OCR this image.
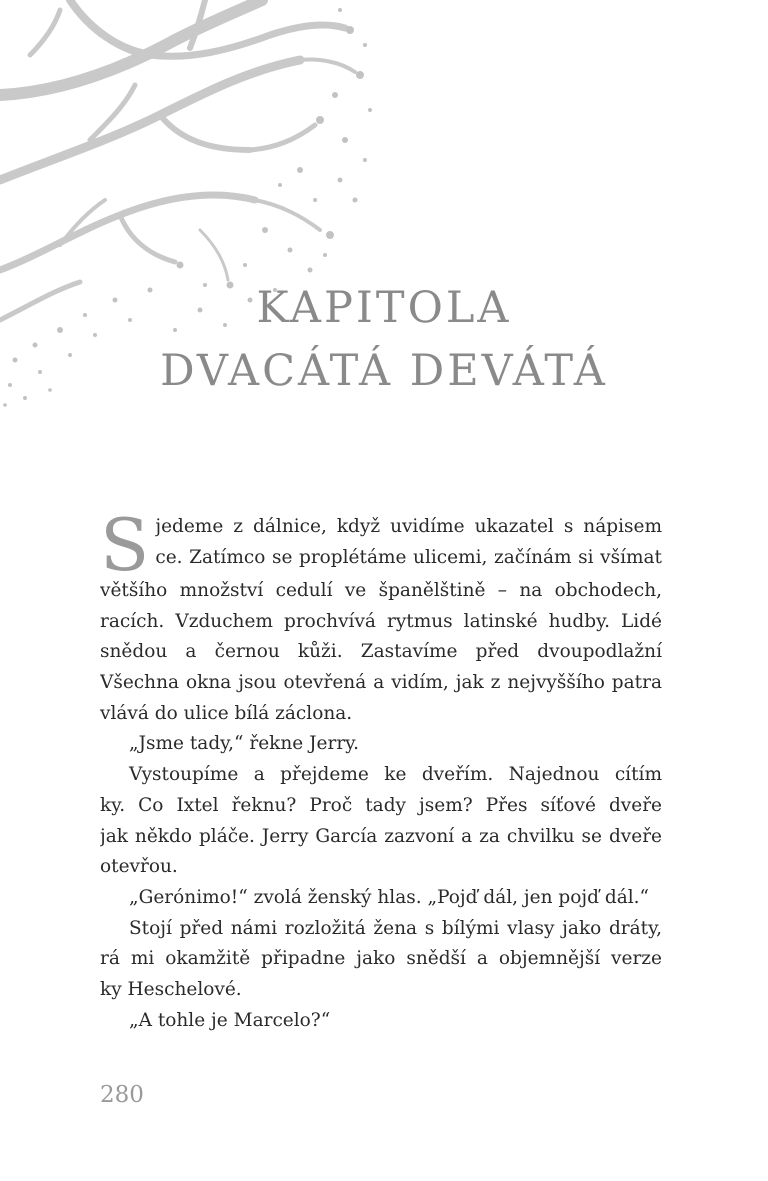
KAPITOLA
DVACÁTÁ DEVÁTÁ
S jedeme z dálnice, když uvidíme ukazatel s nápisem
ce. Zatímco se proplétáme ulicemi, začínám si všímat
většího množství cedulí ve španělštině – na obchodech,
racích. Vzduchem prochvívá rytmus latinské hudby. Lidé
snědou a černou kůži. Zastavíme před dvoupodlažní
Všechna okna jsou otevřená a vidím, jak z nejvyššího patra
vlává do ulice bílá záclona.
„Jsme tady,“ řekne Jerry.
Vystoupíme a přejdeme ke dveřím. Najednou cítím
ky. Co Ixtel řeknu? Proč tady jsem? Přes síťové dveře
jak někdo pláče. Jerry García zazvoní a za chvilku se dveře
otevřou.
„Gerónimo!“ zvolá ženský hlas. „Pojď dál, jen pojď dál.“
Stojí před námi rozložitá žena s bílými vlasy jako dráty,
rá mi okamžitě připadne jako snědší a objemnější verze
ky Heschelové.
„A tohle je Marcelo?“
280
